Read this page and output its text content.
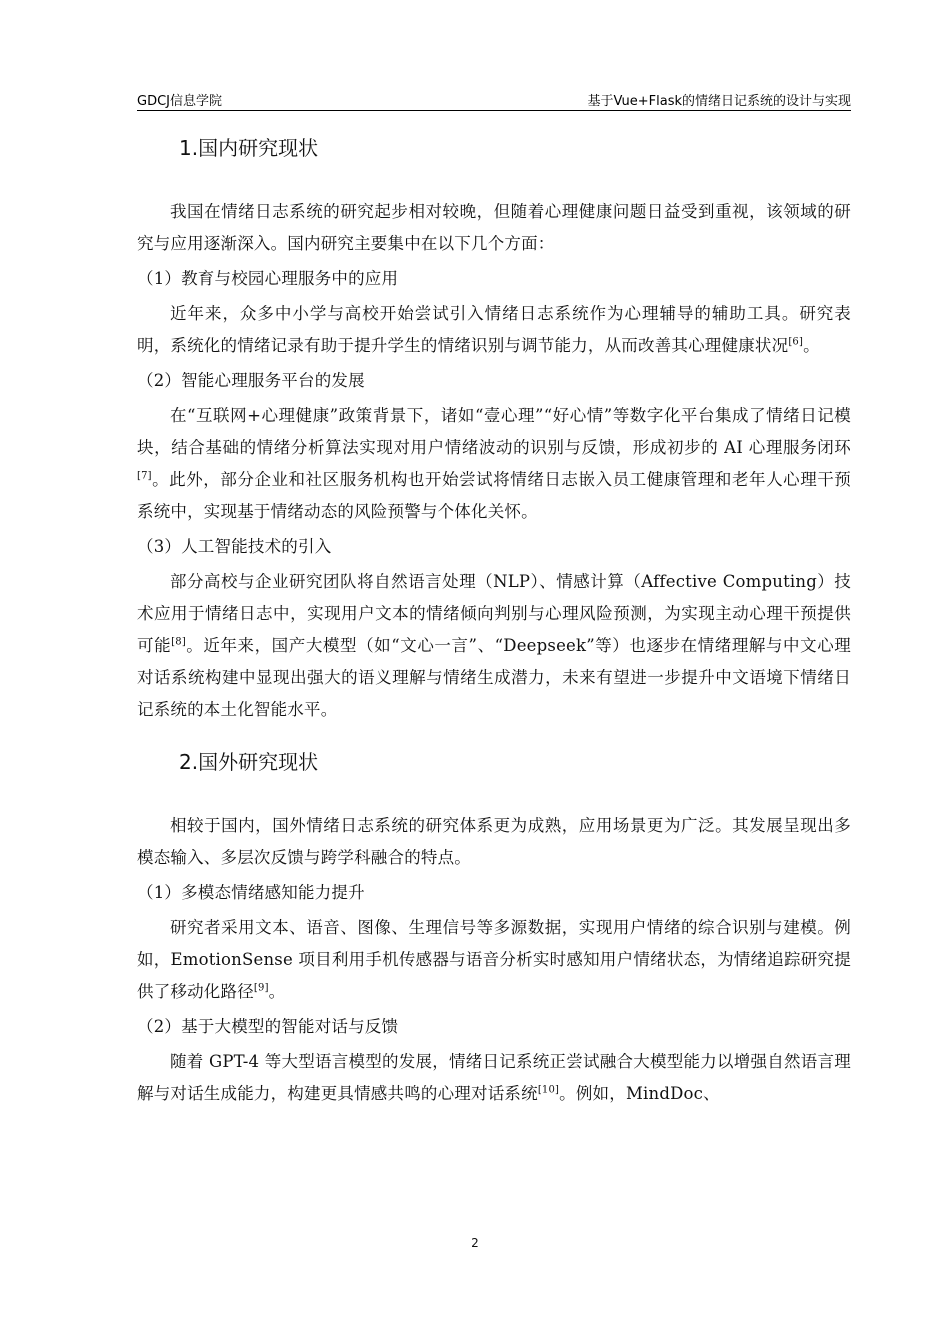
GDCJ信息学院	基于Vue+Flask的情绪日记系统的设计与实现
1.国内研究现状

我国在情绪日志系统的研究起步相对较晚，但随着心理健康问题日益受到重视，该领域的研究与应用逐渐深入。国内研究主要集中在以下几个方面：

（1）教育与校园心理服务中的应用

近年来，众多中小学与高校开始尝试引入情绪日志系统作为心理辅导的辅助工具。研究表明，系统化的情绪记录有助于提升学生的情绪识别与调节能力，从而改善其心理健康状况[6]。

（2）智能心理服务平台的发展

在“互联网+心理健康”政策背景下，诸如“壹心理”“好心情”等数字化平台集成了情绪日记模块，结合基础的情绪分析算法实现对用户情绪波动的识别与反馈，形成初步的 AI 心理服务闭环[7]。此外，部分企业和社区服务机构也开始尝试将情绪日志嵌入员工健康管理和老年人心理干预系统中，实现基于情绪动态的风险预警与个体化关怀。

（3）人工智能技术的引入

部分高校与企业研究团队将自然语言处理（NLP）、情感计算（Affective Computing）技术应用于情绪日志中，实现用户文本的情绪倾向判别与心理风险预测，为实现主动心理干预提供可能[8]。近年来，国产大模型（如“文心一言”、“Deepseek”等）也逐步在情绪理解与中文心理对话系统构建中显现出强大的语义理解与情绪生成潜力，未来有望进一步提升中文语境下情绪日记系统的本土化智能水平。

2.国外研究现状

相较于国内，国外情绪日志系统的研究体系更为成熟，应用场景更为广泛。其发展呈现出多模态输入、多层次反馈与跨学科融合的特点。

（1）多模态情绪感知能力提升

研究者采用文本、语音、图像、生理信号等多源数据，实现用户情绪的综合识别与建模。例如，EmotionSense 项目利用手机传感器与语音分析实时感知用户情绪状态，为情绪追踪研究提供了移动化路径[9]。

（2）基于大模型的智能对话与反馈

随着 GPT-4 等大型语言模型的发展，情绪日记系统正尝试融合大模型能力以增强自然语言理解与对话生成能力，构建更具情感共鸣的心理对话系统[10]。例如，MindDoc、

2
